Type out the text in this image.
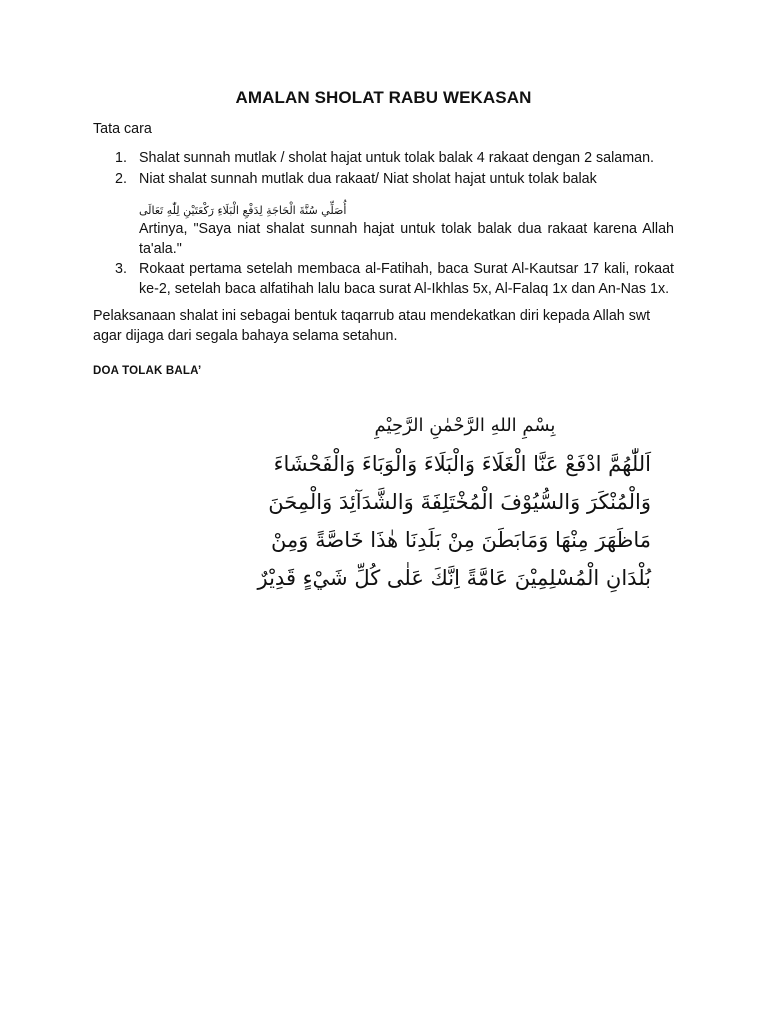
AMALAN SHOLAT RABU WEKASAN

Tata cara

1. Shalat sunnah mutlak / sholat hajat untuk tolak balak 4 rakaat dengan 2 salaman.
2. Niat shalat sunnah mutlak dua rakaat/ Niat sholat hajat untuk tolak balak
أُصَلِّي سُنَّةَ الْحَاجَةِ لِدَفْعِ الْبَلَاءِ رَكْعَتَيْنِ لِلّٰهِ تَعَالَى
Artinya, "Saya niat shalat sunnah hajat untuk tolak balak dua rakaat karena Allah ta'ala."
3. Rokaat pertama setelah membaca al-Fatihah, baca Surat Al-Kautsar 17 kali, rokaat ke-2, setelah baca alfatihah lalu baca surat Al-Ikhlas 5x, Al-Falaq 1x dan An-Nas 1x.

Pelaksanaan shalat ini sebagai bentuk taqarrub atau mendekatkan diri kepada Allah swt agar dijaga dari segala bahaya selama setahun.

DOA TOLAK BALA’
بِسْمِ اللهِ الرَّحْمٰنِ الرَّحِيْمِ
اَللّٰهُمَّ ادْفَعْ عَنَّا الْغَلَاءَ وَالْبَلَاءَ وَالْوَبَاءَ وَالْفَحْشَاءَ
وَالْمُنْكَرَ وَالسُّيُوْفَ الْمُخْتَلِفَةَ وَالشَّدَآئِدَ وَالْمِحَنَ
مَاظَهَرَ مِنْهَا وَمَابَطَنَ مِنْ بَلَدِنَا هٰذَا خَاصَّةً وَمِنْ
بُلْدَانِ الْمُسْلِمِيْنَ عَامَّةً اِنَّكَ عَلٰى كُلِّ شَيْءٍ قَدِيْرٌ
